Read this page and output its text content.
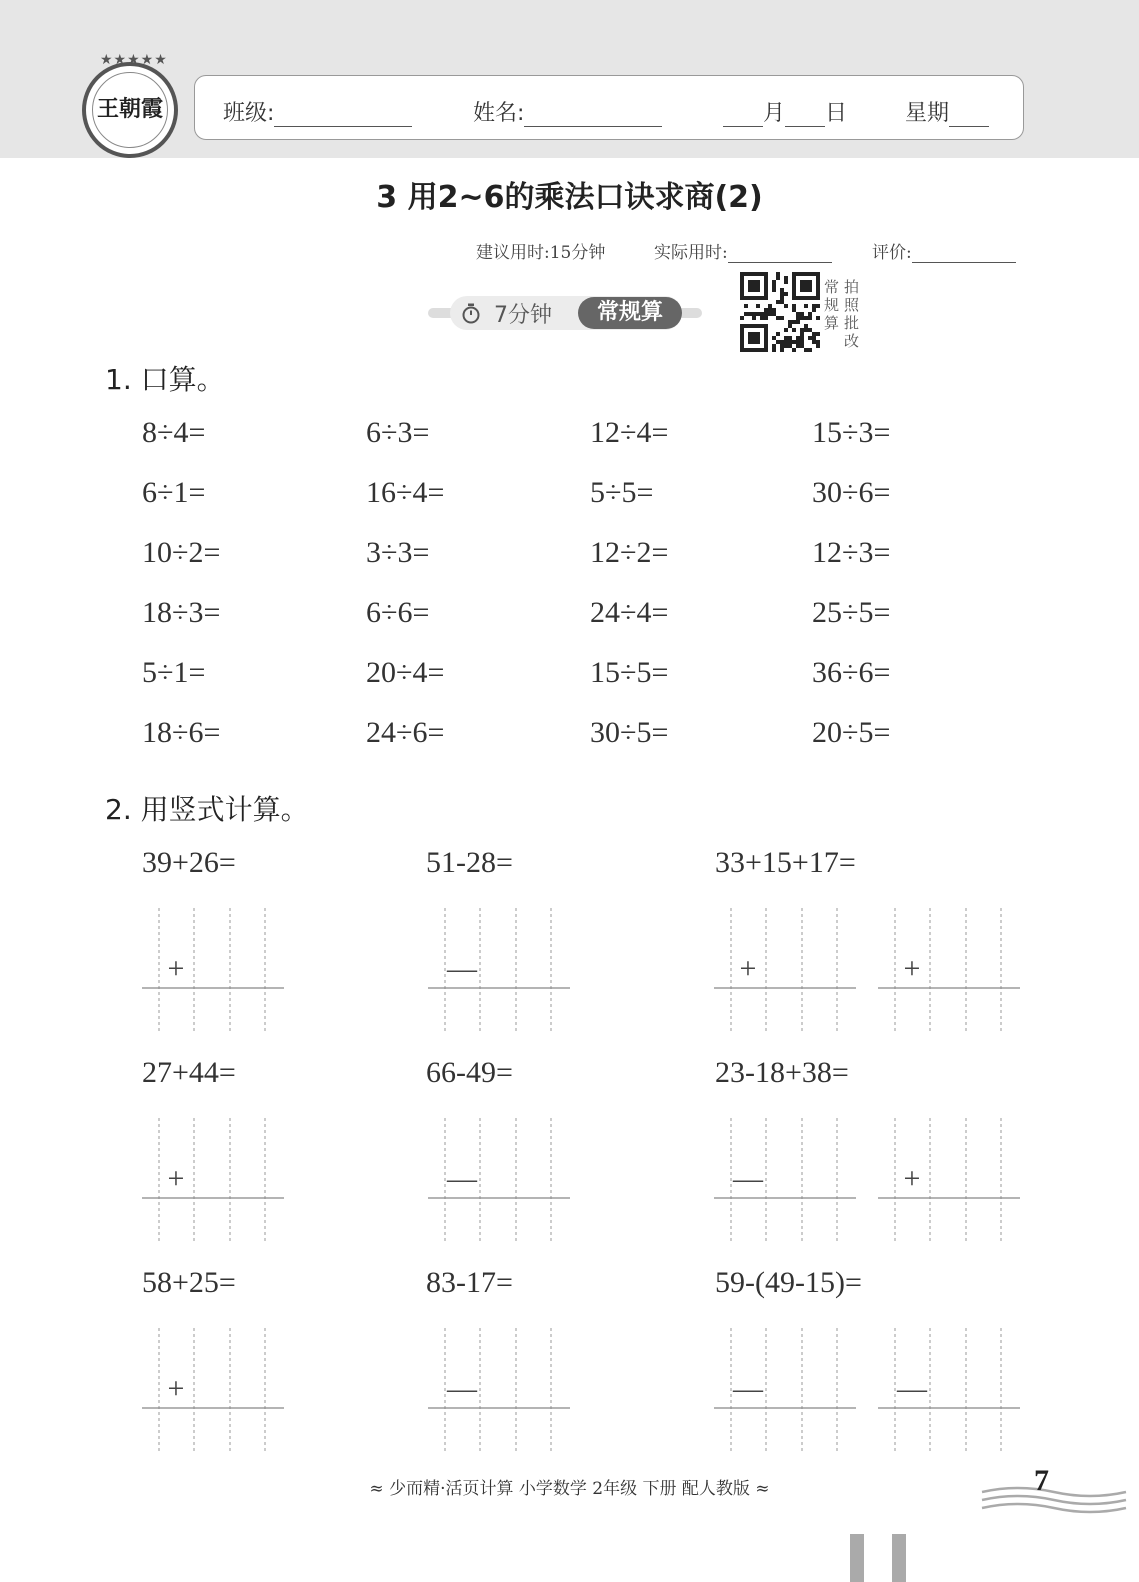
★★★★★
王朝霞	班级:	姓名:	月 日	星期
3 用2~6的乘法口诀求商(2)
建议用时:15分钟	实际用时:	评价:
7分钟	常规算
常规算
拍照批改
1. 口算。
8÷4=	6÷3=	12÷4=	15÷3=
6÷1=	16÷4=	5÷5=	30÷6=
10÷2=	3÷3=	12÷2=	12÷3=
18÷3=	6÷6=	24÷4=	25÷5=
5÷1=	20÷4=	15÷5=	36÷6=
18÷6=	24÷6=	30÷5=	20÷5=
2. 用竖式计算。
39+26=
+
51-28=
—
33+15+17=
+	+
27+44=
+
66-49=
—
23-18+38=
—	+
58+25=
+
83-17=
—
59-(49-15)=
—	—
≈ 少而精·活页计算 小学数学 2年级 下册 配人教版 ≈	7
